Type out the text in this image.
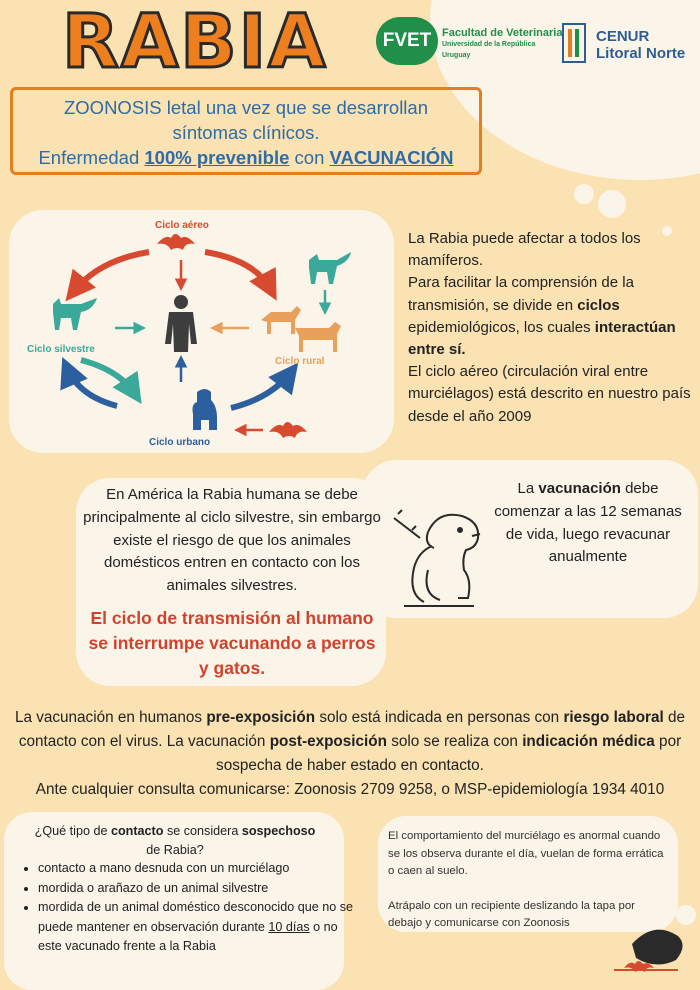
RABIA	FVET Facultad de Veterinaria
Universidad de la República
Uruguay
CENUR
Litoral Norte
ZOONOSIS letal una vez que se desarrollan
síntomas clínicos.
Enfermedad 100% prevenible con VACUNACIÓN
Ciclo aéreo
Ciclo silvestre
Ciclo rural
Ciclo urbano
La Rabia puede afectar a todos los mamíferos.
Para facilitar la comprensión de la transmisión, se divide en ciclos epidemiológicos, los cuales interactúan entre sí.
El ciclo aéreo (circulación viral entre murciélagos) está descrito en nuestro país desde el año 2009
En América la Rabia humana se debe principalmente al ciclo silvestre, sin embargo existe el riesgo de que los animales domésticos entren en contacto con los animales silvestres.
El ciclo de transmisión al humano se interrumpe vacunando a perros y gatos.
La vacunación debe comenzar a las 12 semanas de vida, luego revacunar anualmente
La vacunación en humanos pre-exposición solo está indicada en personas con riesgo laboral de contacto con el virus. La vacunación post-exposición solo se realiza con indicación médica por sospecha de haber estado en contacto.
Ante cualquier consulta comunicarse: Zoonosis 2709 9258, o MSP-epidemiología 1934 4010
¿Qué tipo de contacto se considera sospechoso
de Rabia?
• contacto a mano desnuda con un murciélago
• mordida o arañazo de un animal silvestre
• mordida de un animal doméstico desconocido que no se puede mantener en observación durante 10 días o no este vacunado frente a la Rabia
El comportamiento del murciélago es anormal cuando se los observa durante el día, vuelan de forma errática o caen al suelo.
Atrápalo con un recipiente deslizando la tapa por debajo y comunicarse con Zoonosis
